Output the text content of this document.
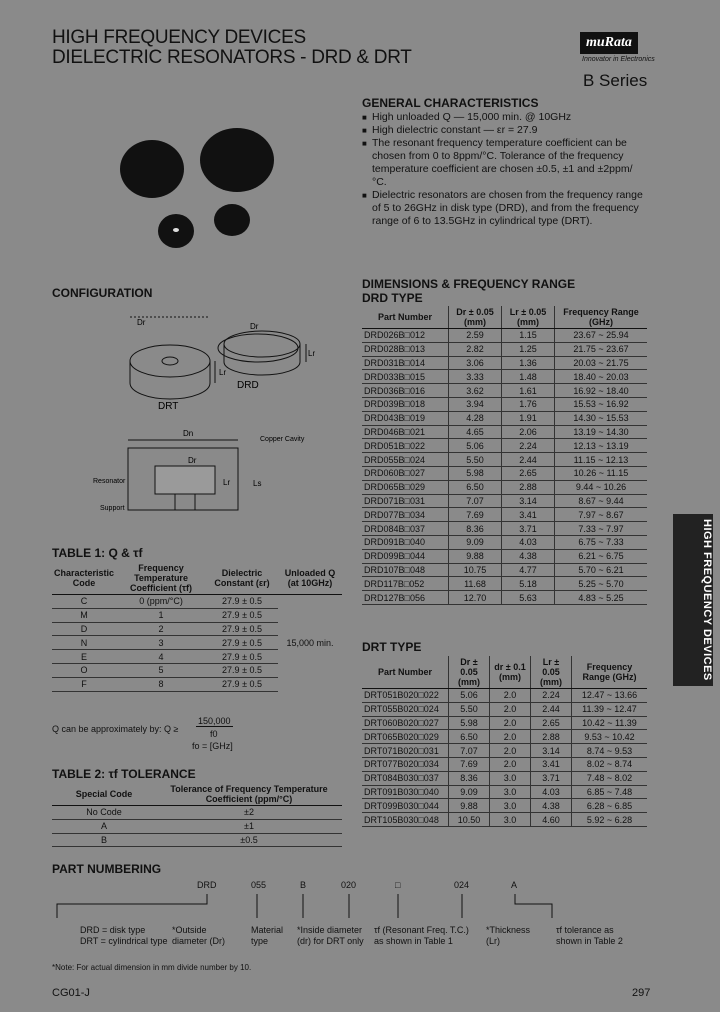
HIGH FREQUENCY DEVICES
DIELECTRIC RESONATORS - DRD & DRT
muRata
Innovator in Electronics
B Series
GENERAL CHARACTERISTICS
■ High unloaded Q — 15,000 min. @ 10GHz
■ High dielectric constant — εr = 27.9
■ The resonant frequency temperature coefficient can be chosen from 0 to 8ppm/°C. Tolerance of the frequency temperature coefficient are chosen ±0.5, ±1 and ±2ppm/°C.
■ Dielectric resonators are chosen from the frequency range of 5 to 26GHz in disk type (DRD), and from the frequency range of 6 to 13.5GHz in cylindrical type (DRT).
CONFIGURATION
Dr
DRT
Lr
Dn
Dr
Lr	Ls
Resonator
Support
Copper Cavity
Lr
Dr
DRD
TABLE 1: Q & τf
Characteristic Code	Frequency Temperature Coefficient (τf)	Dielectric Constant (εr)	Unloaded Q (at 10GHz)
C	0 (ppm/°C)	27.9 ± 0.5	15,000 min.
M	1	27.9 ± 0.5	
D	2	27.9 ± 0.5	
N	3	27.9 ± 0.5	
E	4	27.9 ± 0.5	
O	5	27.9 ± 0.5	
F	8	27.9 ± 0.5	
Q can be approximately by: Q ≥
150,000
f0
fo = [GHz]
TABLE 2: τf TOLERANCE
Special Code	Tolerance of Frequency Temperature Coefficient (ppm/°C)
No Code	±2
A	±1
B	±0.5
DIMENSIONS & FREQUENCY RANGE
DRD TYPE
Part Number	Dr ± 0.05 (mm)	Lr ± 0.05 (mm)	Frequency Range (GHz)
DRD026B□012	2.59	1.15	23.67 ~ 25.94
DRD028B□013	2.82	1.25	21.75 ~ 23.67
DRD031B□014	3.06	1.36	20.03 ~ 21.75
DRD033B□015	3.33	1.48	18.40 ~ 20.03
DRD036B□016	3.62	1.61	16.92 ~ 18.40
DRD039B□018	3.94	1.76	15.53 ~ 16.92
DRD043B□019	4.28	1.91	14.30 ~ 15.53
DRD046B□021	4.65	2.06	13.19 ~ 14.30
DRD051B□022	5.06	2.24	12.13 ~ 13.19
DRD055B□024	5.50	2.44	11.15 ~ 12.13
DRD060B□027	5.98	2.65	10.26 ~ 11.15
DRD065B□029	6.50	2.88	9.44 ~ 10.26
DRD071B□031	7.07	3.14	8.67 ~ 9.44
DRD077B□034	7.69	3.41	7.97 ~ 8.67
DRD084B□037	8.36	3.71	7.33 ~ 7.97
DRD091B□040	9.09	4.03	6.75 ~ 7.33
DRD099B□044	9.88	4.38	6.21 ~ 6.75
DRD107B□048	10.75	4.77	5.70 ~ 6.21
DRD117B□052	11.68	5.18	5.25 ~ 5.70
DRD127B□056	12.70	5.63	4.83 ~ 5.25
DRT TYPE
Part Number	Dr ± 0.05 (mm)	dr ± 0.1 (mm)	Lr ± 0.05 (mm)	Frequency Range (GHz)
DRT051B020□022	5.06	2.0	2.24	12.47 ~ 13.66
DRT055B020□024	5.50	2.0	2.44	11.39 ~ 12.47
DRT060B020□027	5.98	2.0	2.65	10.42 ~ 11.39
DRT065B020□029	6.50	2.0	2.88	9.53 ~ 10.42
DRT071B020□031	7.07	2.0	3.14	8.74 ~ 9.53
DRT077B020□034	7.69	2.0	3.41	8.02 ~ 8.74
DRT084B030□037	8.36	3.0	3.71	7.48 ~ 8.02
DRT091B030□040	9.09	3.0	4.03	6.85 ~ 7.48
DRT099B030□044	9.88	3.0	4.38	6.28 ~ 6.85
DRT105B030□048	10.50	3.0	4.60	5.92 ~ 6.28
HIGH FREQUENCY DEVICES
PART NUMBERING
DRD	055	B	020	□	024	A
DRD = disk type
DRT = cylindrical type
*Outside diameter (Dr)
Material type
*Inside diameter (dr) for DRT only
τf (Resonant Freq. T.C.) as shown in Table 1
*Thickness (Lr)
τf tolerance as shown in Table 2
*Note: For actual dimension in mm divide number by 10.
CG01-J	297
